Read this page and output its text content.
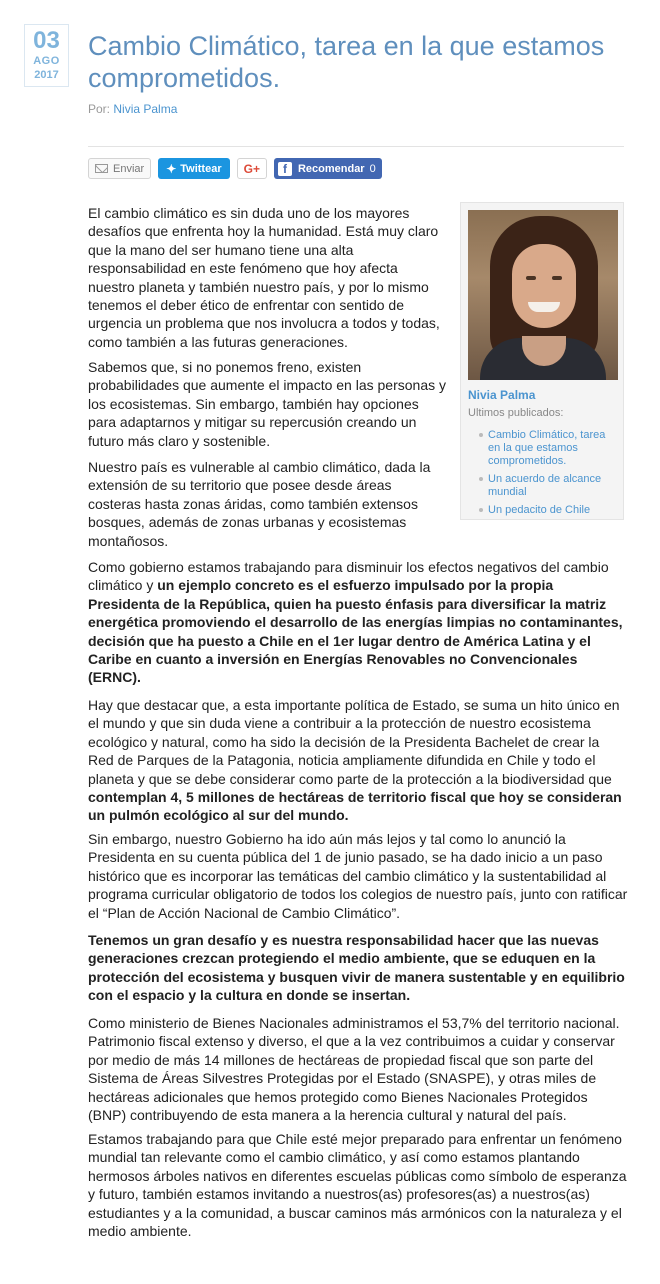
03
AGO
2017
Cambio Climático, tarea en la que estamos comprometidos.
Por: Nivia Palma
Enviar ✦ Twittear G+	f	Recomendar 0
Nivia Palma
Ultimos publicados:
Cambio Climático, tarea en la que estamos comprometidos.
Un acuerdo de alcance mundial
Un pedacito de Chile

El cambio climático es sin duda uno de los mayores desafíos que enfrenta hoy la humanidad. Está muy claro que la mano del ser humano tiene una alta responsabilidad en este fenómeno que hoy afecta nuestro planeta y también nuestro país, y por lo mismo tenemos el deber ético de enfrentar con sentido de urgencia un problema que nos involucra a todos y todas, como también a las futuras generaciones.

Sabemos que, si no ponemos freno, existen probabilidades que aumente el impacto en las personas y los ecosistemas. Sin embargo, también hay opciones para adaptarnos y mitigar su repercusión creando un futuro más claro y sostenible.

Nuestro país es vulnerable al cambio climático, dada la extensión de su territorio que posee desde áreas costeras hasta zonas áridas, como también extensos bosques, además de zonas urbanas y ecosistemas montañosos.

Como gobierno estamos trabajando para disminuir los efectos negativos del cambio climático y un ejemplo concreto es el esfuerzo impulsado por la propia Presidenta de la República, quien ha puesto énfasis para diversificar la matriz energética promoviendo el desarrollo de las energías limpias no contaminantes, decisión que ha puesto a Chile en el 1er lugar dentro de América Latina y el Caribe en cuanto a inversión en Energías Renovables no Convencionales (ERNC).

Hay que destacar que, a esta importante política de Estado, se suma un hito único en el mundo y que sin duda viene a contribuir a la protección de nuestro ecosistema ecológico y natural, como ha sido la decisión de la Presidenta Bachelet de crear la Red de Parques de la Patagonia, noticia ampliamente difundida en Chile y todo el planeta y que se debe considerar como parte de la protección a la biodiversidad que contemplan 4, 5 millones de hectáreas de territorio fiscal que hoy se consideran un pulmón ecológico al sur del mundo.

Sin embargo, nuestro Gobierno ha ido aún más lejos y tal como lo anunció la Presidenta en su cuenta pública del 1 de junio pasado, se ha dado inicio a un paso histórico que es incorporar las temáticas del cambio climático y la sustentabilidad al programa curricular obligatorio de todos los colegios de nuestro país, junto con ratificar el “Plan de Acción Nacional de Cambio Climático”.

Tenemos un gran desafío y es nuestra responsabilidad hacer que las nuevas generaciones crezcan protegiendo el medio ambiente, que se eduquen en la protección del ecosistema y busquen vivir de manera sustentable y en equilibrio con el espacio y la cultura en donde se insertan.

Como ministerio de Bienes Nacionales administramos el 53,7% del territorio nacional. Patrimonio fiscal extenso y diverso, el que a la vez contribuimos a cuidar y conservar por medio de más 14 millones de hectáreas de propiedad fiscal que son parte del Sistema de Áreas Silvestres Protegidas por el Estado (SNASPE), y otras miles de hectáreas adicionales que hemos protegido como Bienes Nacionales Protegidos (BNP) contribuyendo de esta manera a la herencia cultural y natural del país.

Estamos trabajando para que Chile esté mejor preparado para enfrentar un fenómeno mundial tan relevante como el cambio climático, y así como estamos plantando hermosos árboles nativos en diferentes escuelas públicas como símbolo de esperanza y futuro, también estamos invitando a nuestros(as) profesores(as) a nuestros(as) estudiantes y a la comunidad, a buscar caminos más armónicos con la naturaleza y el medio ambiente.
